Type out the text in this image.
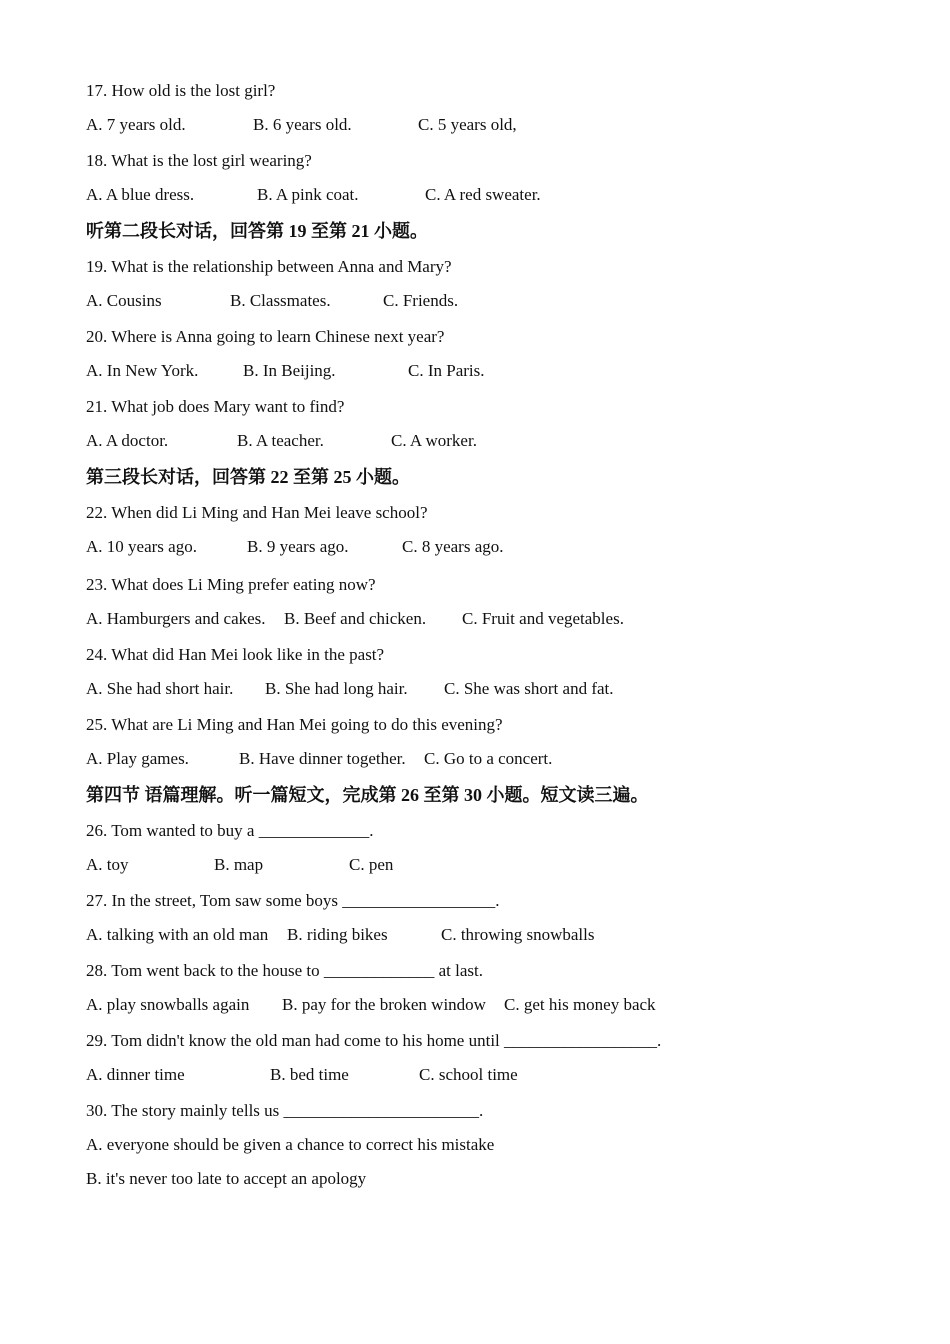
17. How old is the lost girl?
A. 7 years old.	B. 6 years old.	C. 5 years old,
18. What is the lost girl wearing?
A. A blue dress.	B. A pink coat.	C. A red sweater.
听第二段长对话，回答第 19 至第 21 小题。
19. What is the relationship between Anna and Mary?
A. Cousins	B. Classmates.	C. Friends.
20. Where is Anna going to learn Chinese next year?
A. In New York.	B. In Beijing.	C. In Paris.
21. What job does Mary want to find?
A. A doctor.	B. A teacher.	C. A worker.
第三段长对话，回答第 22 至第 25 小题。
22. When did Li Ming and Han Mei leave school?
A. 10 years ago.	B. 9 years ago.	C. 8 years ago.
23. What does Li Ming prefer eating now?
A. Hamburgers and cakes. B. Beef and chicken. C. Fruit and vegetables.
24. What did Han Mei look like in the past?
A. She had short hair. B. She had long hair. C. She was short and fat.
25. What are Li Ming and Han Mei going to do this evening?
A. Play games.	B. Have dinner together. C. Go to a concert.
第四节 语篇理解。听一篇短文，完成第 26 至第 30 小题。短文读三遍。
26. Tom wanted to buy a _____________.
A. toy	B. map	C. pen
27. In the street, Tom saw some boys __________________.
A. talking with an old man B. riding bikes	C. throwing snowballs
28. Tom went back to the house to _____________ at last.
A. play snowballs again B. pay for the broken window C. get his money back
29. Tom didn't know the old man had come to his home until __________________.
A. dinner time	B. bed time	C. school time
30. The story mainly tells us _______________________.
A. everyone should be given a chance to correct his mistake
B. it's never too late to accept an apology
